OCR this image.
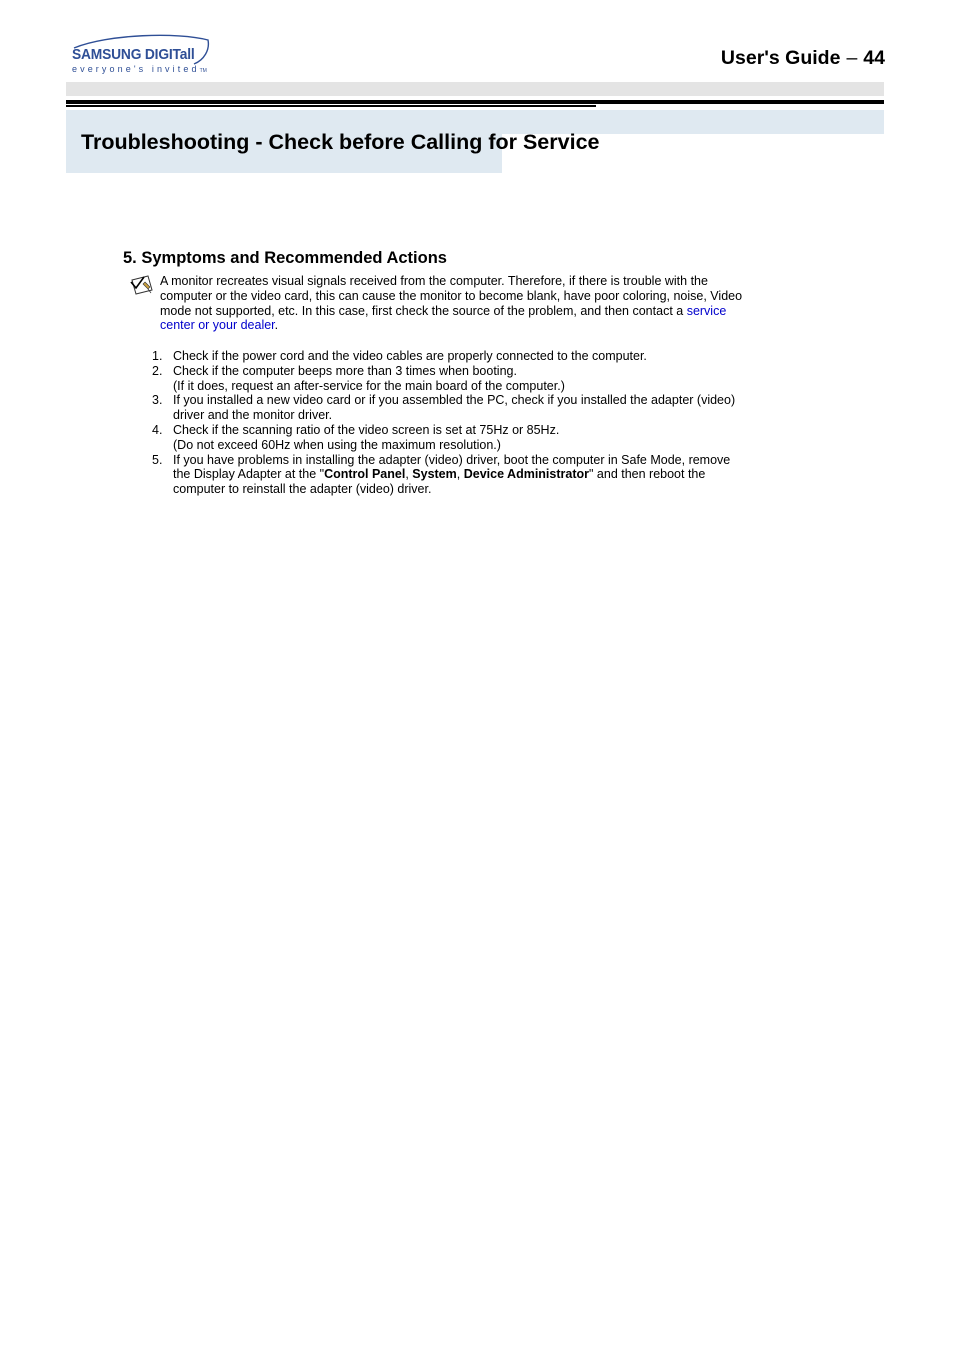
SAMSUNG DIGITall
everyone's invitedTM
User's Guide – 44
Troubleshooting - Check before Calling for Service
5. Symptoms and Recommended Actions
A monitor recreates visual signals received from the computer. Therefore, if there is trouble with the computer or the video card, this can cause the monitor to become blank, have poor coloring, noise, Video mode not supported, etc. In this case, first check the source of the problem, and then contact a service center or your dealer.
1. Check if the power cord and the video cables are properly connected to the computer.
2. Check if the computer beeps more than 3 times when booting.
(If it does, request an after-service for the main board of the computer.)
3. If you installed a new video card or if you assembled the PC, check if you installed the adapter (video) driver and the monitor driver.
4. Check if the scanning ratio of the video screen is set at 75Hz or 85Hz.
(Do not exceed 60Hz when using the maximum resolution.)
5. If you have problems in installing the adapter (video) driver, boot the computer in Safe Mode, remove the Display Adapter at the "Control Panel, System, Device Administrator" and then reboot the computer to reinstall the adapter (video) driver.
